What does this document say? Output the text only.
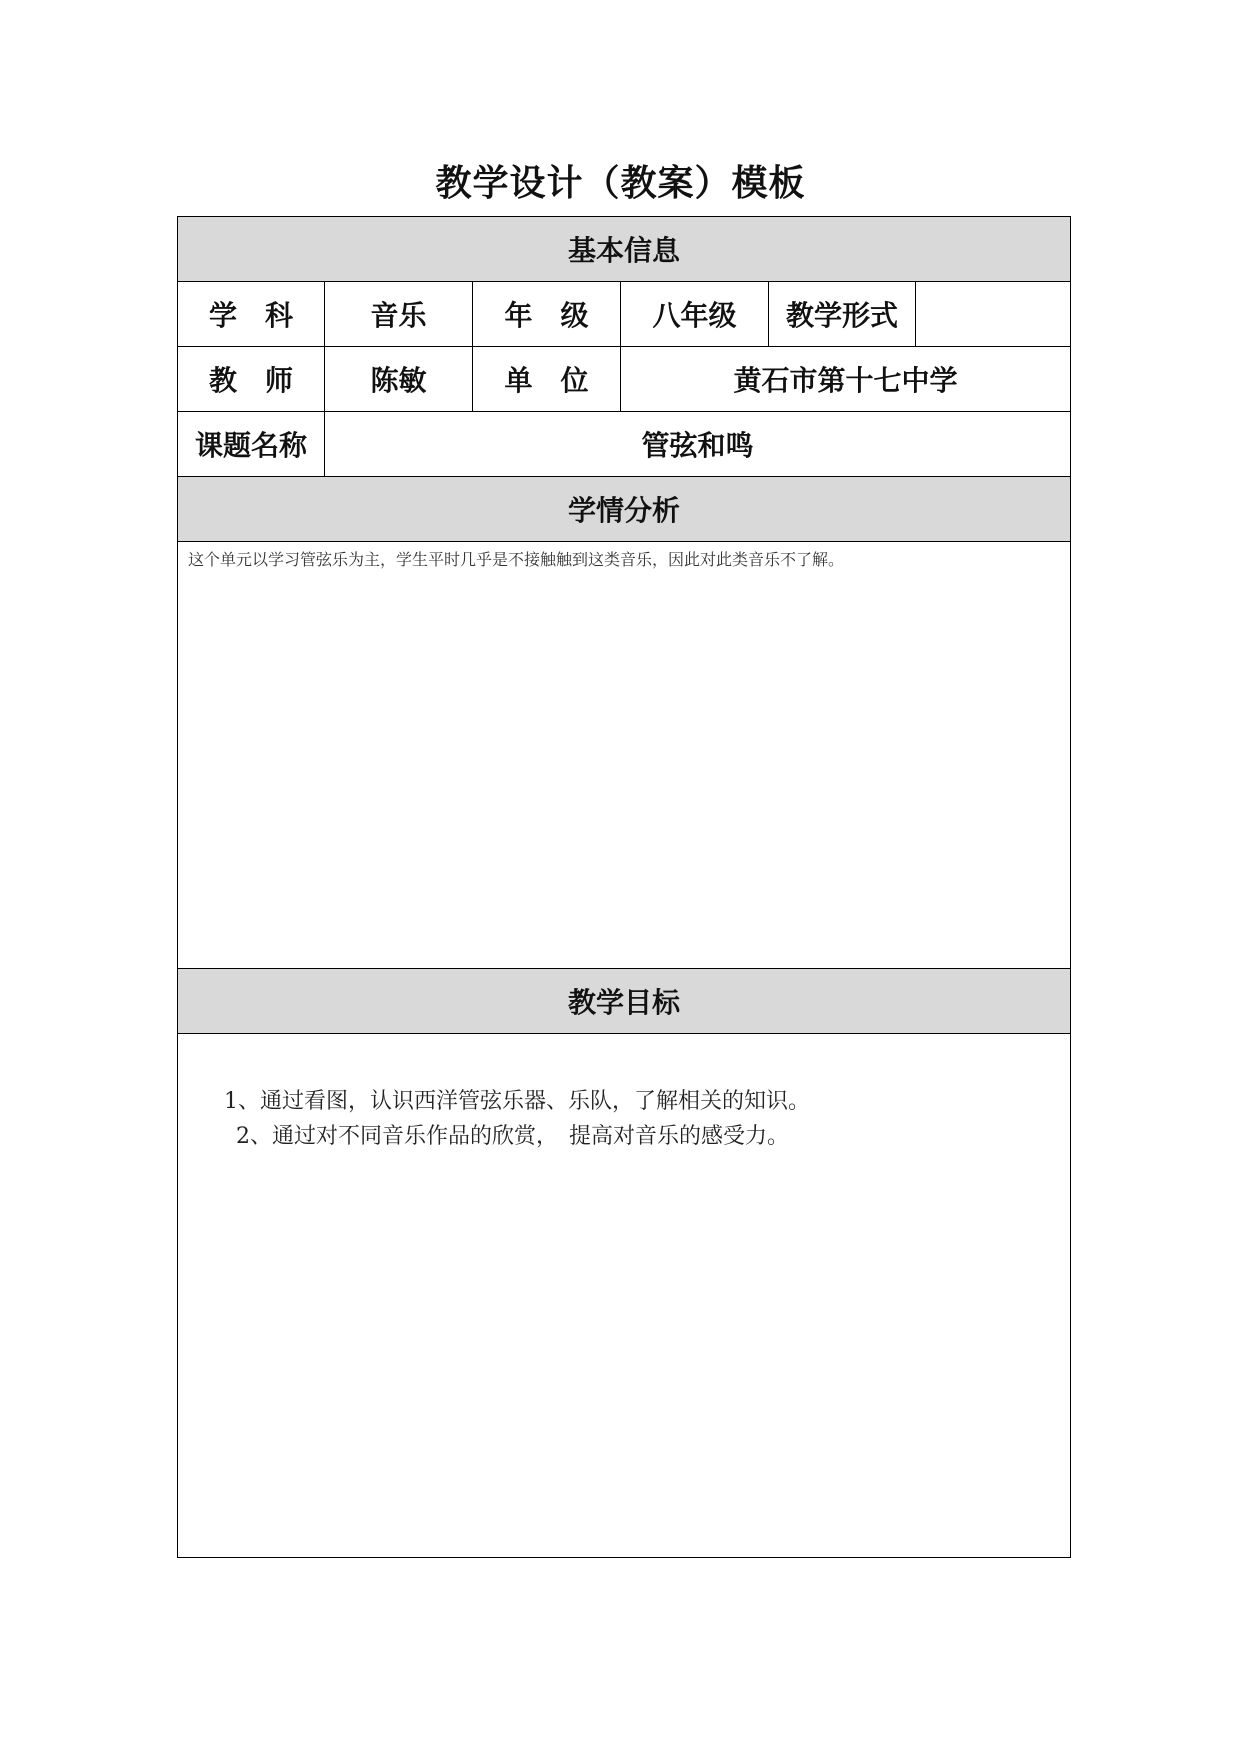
教学设计（教案）模板
基本信息					
学科	音乐	年级	八年级	教学形式	
教师	陈敏	单位	黄石市第十七中学		
课题名称	管弦和鸣				
学情分析					

这个单元以学习管弦乐为主，学生平时几乎是不接触触到这类音乐，因此对此类音乐不了解。					

教学目标					

1、通过看图，认识西洋管弦乐器、乐队，了解相关的知识。
2、通过对不同音乐作品的欣赏，　提高对音乐的感受力。					
